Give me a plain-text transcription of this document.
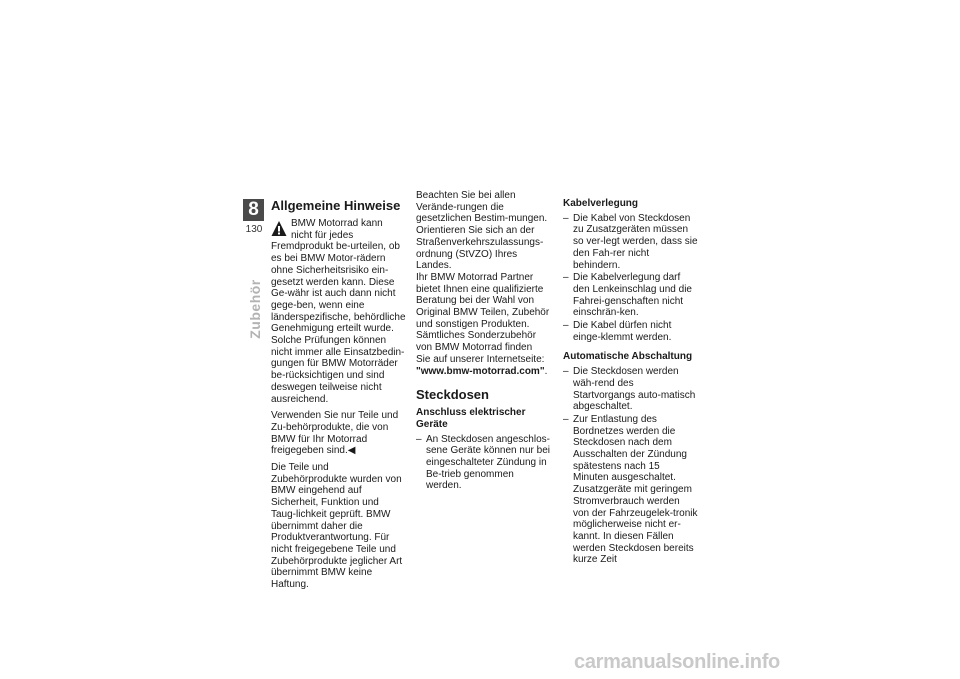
8
130
Zubehör
Allgemeine Hinweise

BMW Motorrad kann nicht für jedes Fremdprodukt be-urteilen, ob es bei BMW Motor-rädern ohne Sicherheitsrisiko ein-gesetzt werden kann. Diese Ge-währ ist auch dann nicht gege-ben, wenn eine länderspezifische, behördliche Genehmigung erteilt wurde. Solche Prüfungen können nicht immer alle Einsatzbedin-gungen für BMW Motorräder be-rücksichtigen und sind deswegen teilweise nicht ausreichend.

Verwenden Sie nur Teile und Zu-behörprodukte, die von BMW für Ihr Motorrad freigegeben sind.◀

Die Teile und Zubehörprodukte wurden von BMW eingehend auf Sicherheit, Funktion und Taug-lichkeit geprüft. BMW übernimmt daher die Produktverantwortung. Für nicht freigegebene Teile und Zubehörprodukte jeglicher Art übernimmt BMW keine Haftung.

Beachten Sie bei allen Verände-rungen die gesetzlichen Bestim-mungen. Orientieren Sie sich an der Straßenverkehrszulassungs-ordnung (StVZO) Ihres Landes.

Ihr BMW Motorrad Partner bietet Ihnen eine qualifizierte Beratung bei der Wahl von Original BMW Teilen, Zubehör und sonstigen Produkten.

Sämtliches Sonderzubehör von BMW Motorrad finden

Sie auf unserer Internetseite:

"www.bmw-motorrad.com".

Steckdosen
Anschluss elektrischer Geräte
– An Steckdosen angeschlos-sene Geräte können nur bei eingeschalteter Zündung in Be-trieb genommen werden.
Kabelverlegung
– Die Kabel von Steckdosen zu Zusatzgeräten müssen so ver-legt werden, dass sie den Fah-rer nicht behindern.
– Die Kabelverlegung darf den Lenkeinschlag und die Fahrei-genschaften nicht einschrän-ken.
– Die Kabel dürfen nicht einge-klemmt werden.
Automatische Abschaltung
– Die Steckdosen werden wäh-rend des Startvorgangs auto-matisch abgeschaltet.
– Zur Entlastung des Bordnetzes werden die Steckdosen nach dem Ausschalten der Zündung spätestens nach 15 Minuten ausgeschaltet. Zusatzgeräte mit geringem Stromverbrauch werden von der Fahrzeugelek-tronik möglicherweise nicht er-kannt. In diesen Fällen werden Steckdosen bereits kurze Zeit
carmanualsonline.info
